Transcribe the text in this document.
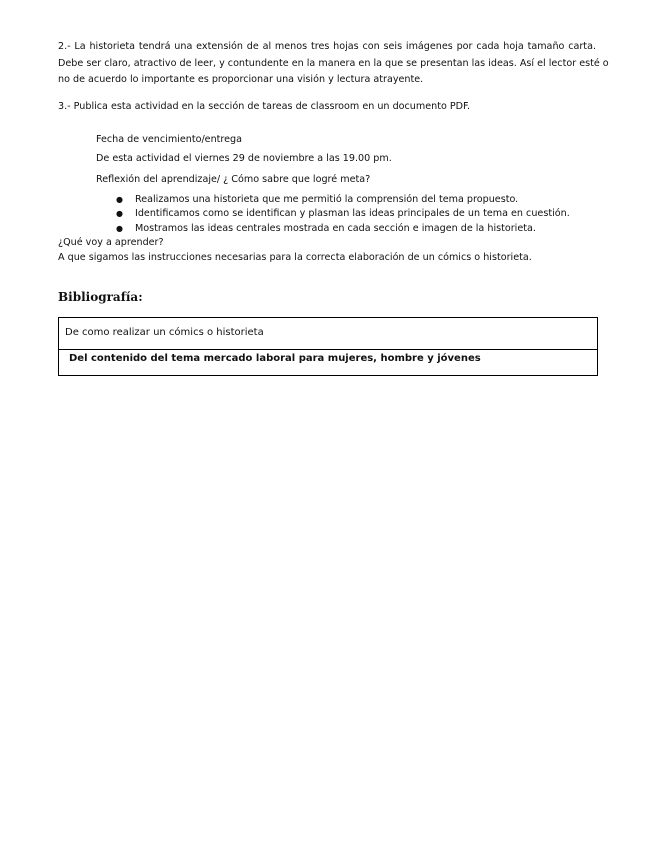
2.- La historieta tendrá una extensión de al menos tres hojas con seis imágenes por cada hoja tamaño carta.
Debe ser claro, atractivo de leer, y contundente en la manera en la que se presentan las ideas. Así el lector esté o
no de acuerdo lo importante es proporcionar una visión y lectura atrayente.
3.- Publica esta actividad en la sección de tareas de classroom en un documento PDF.
Fecha de vencimiento/entrega
De esta actividad el viernes 29 de noviembre a las 19.00 pm.
Reflexión del aprendizaje/ ¿ Cómo sabre que logré meta?
● Realizamos una historieta que me permitió la comprensión del tema propuesto.
● Identificamos como se identifican y plasman las ideas principales de un tema en cuestión.
● Mostramos las ideas centrales mostrada en cada sección e imagen de la historieta.
¿Qué voy a aprender?
A que sigamos las instrucciones necesarias para la correcta elaboración de un cómics o historieta.
Bibliografía:
De como realizar un cómics o historieta
Del contenido del tema mercado laboral para mujeres, hombre y jóvenes
